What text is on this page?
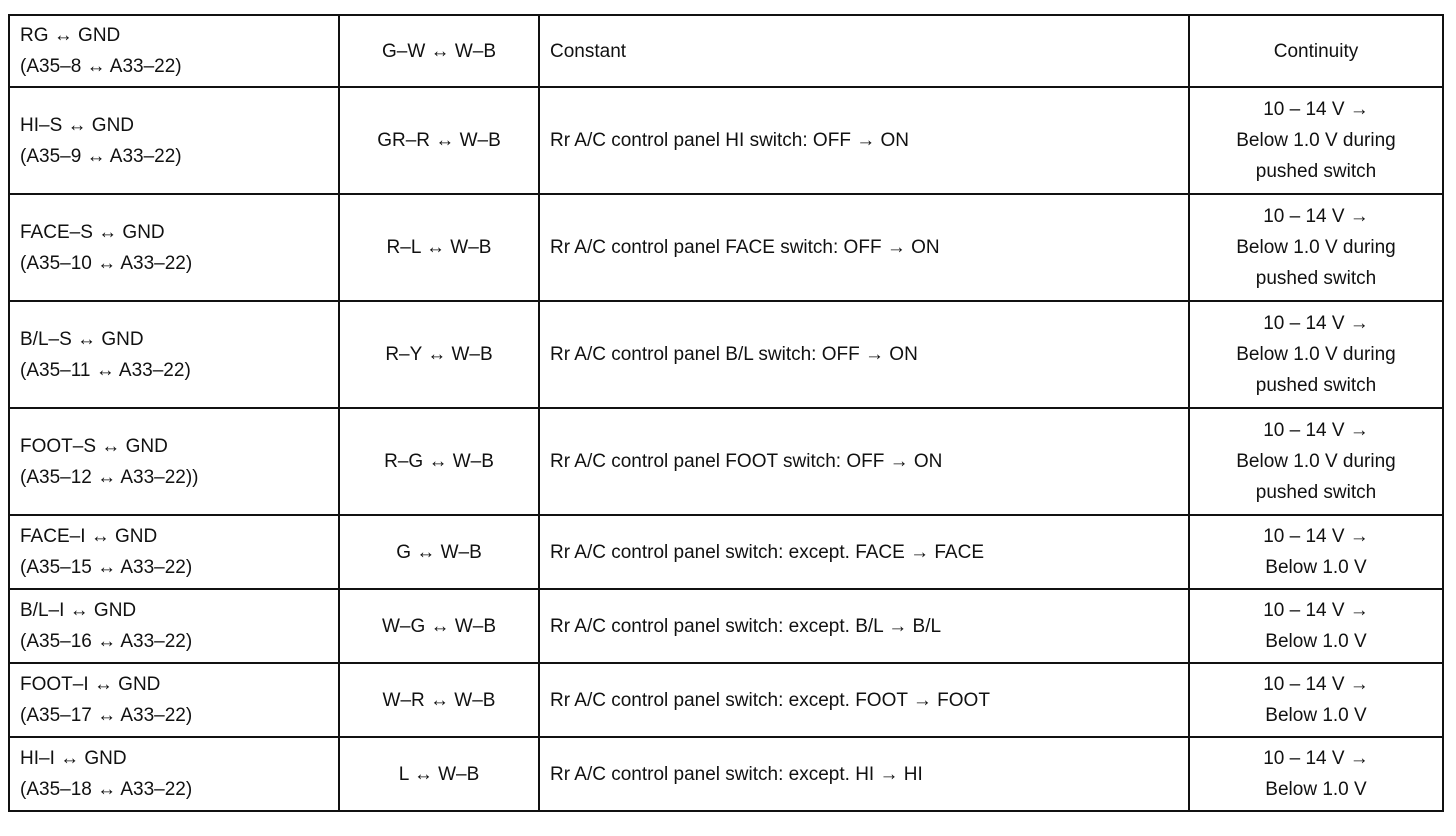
RG ↔ GND
(A35–8 ↔ A33–22)	G–W ↔ W–B	Constant	Continuity

HI–S ↔ GND
(A35–9 ↔ A33–22)	GR–R ↔ W–B	Rr A/C control panel HI switch: OFF → ON	10 – 14 V →
Below 1.0 V during
pushed switch

FACE–S ↔ GND
(A35–10 ↔ A33–22)	R–L ↔ W–B	Rr A/C control panel FACE switch: OFF → ON	10 – 14 V →
Below 1.0 V during
pushed switch

B/L–S ↔ GND
(A35–11 ↔ A33–22)	R–Y ↔ W–B	Rr A/C control panel B/L switch: OFF → ON	10 – 14 V →
Below 1.0 V during
pushed switch

FOOT–S ↔ GND
(A35–12 ↔ A33–22))	R–G ↔ W–B	Rr A/C control panel FOOT switch: OFF → ON	10 – 14 V →
Below 1.0 V during
pushed switch

FACE–I ↔ GND
(A35–15 ↔ A33–22)	G ↔ W–B	Rr A/C control panel switch: except. FACE → FACE	10 – 14 V →
Below 1.0 V

B/L–I ↔ GND
(A35–16 ↔ A33–22)	W–G ↔ W–B	Rr A/C control panel switch: except. B/L → B/L	10 – 14 V →
Below 1.0 V

FOOT–I ↔ GND
(A35–17 ↔ A33–22)	W–R ↔ W–B	Rr A/C control panel switch: except. FOOT → FOOT	10 – 14 V →
Below 1.0 V

HI–I ↔ GND
(A35–18 ↔ A33–22)	L ↔ W–B	Rr A/C control panel switch: except. HI → HI	10 – 14 V →
Below 1.0 V
